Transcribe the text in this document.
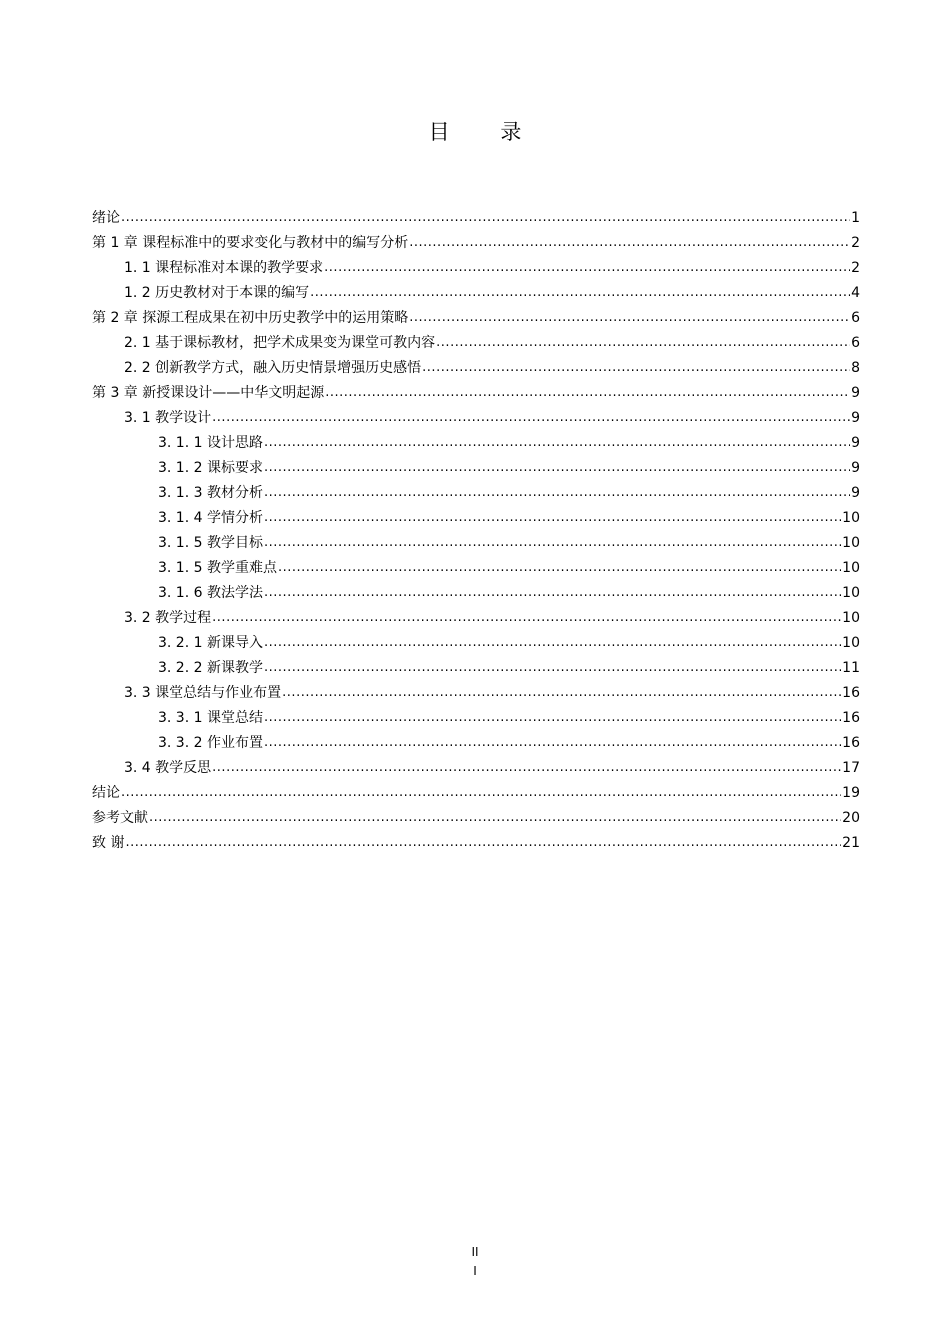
目 录
绪论 .....	1
第 1 章 课程标准中的要求变化与教材中的编写分析 .....	2
1. 1 课程标准对本课的教学要求 .....	2
1. 2 历史教材对于本课的编写 .....	4
第 2 章 探源工程成果在初中历史教学中的运用策略 .....	6
2. 1 基于课标教材，把学术成果变为课堂可教内容 .....	6
2. 2 创新教学方式，融入历史情景增强历史感悟 .....	8
第 3 章 新授课设计——中华文明起源 .....	9
3. 1 教学设计 .....	9
3. 1. 1 设计思路 .....	9
3. 1. 2 课标要求 .....	9
3. 1. 3 教材分析 .....	9
3. 1. 4 学情分析 .....	10
3. 1. 5 教学目标 .....	10
3. 1. 5 教学重难点 .....	10
3. 1. 6 教法学法 .....	10
3. 2 教学过程 .....	10
3. 2. 1 新课导入 .....	10
3. 2. 2 新课教学 .....	11
3. 3 课堂总结与作业布置 .....	16
3. 3. 1 课堂总结 .....	16
3. 3. 2 作业布置 .....	16
3. 4 教学反思 .....	17
结论 .....	19
参考文献 .....	20
致 谢 .....	21
II
I
